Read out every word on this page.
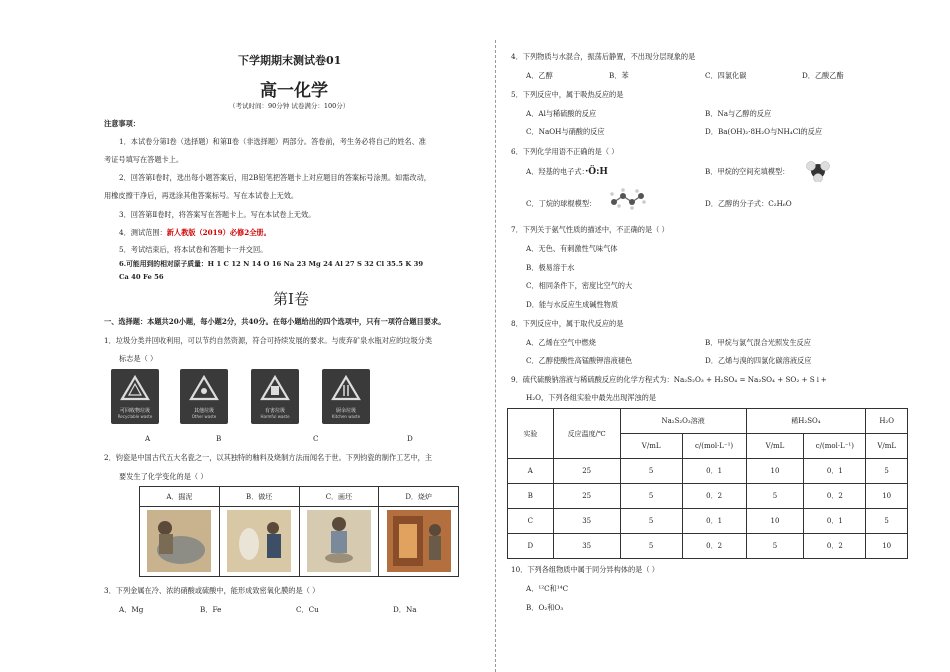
下学期期末测试卷01
高一化学
（考试时间：90分钟 试卷满分：100分）
注意事项：
1．本试卷分第Ⅰ卷（选择题）和第Ⅱ卷（非选择题）两部分。答卷前，考生务必将自己的姓名、准
考证号填写在答题卡上。
2．回答第Ⅰ卷时，选出每小题答案后，用2B铅笔把答题卡上对应题目的答案标号涂黑。如需改动，
用橡皮擦干净后，再选涂其他答案标号。写在本试卷上无效。
3．回答第Ⅱ卷时，将答案写在答题卡上。写在本试卷上无效。
4．测试范围：新人教版（2019）必修2全册。
5．考试结束后，将本试卷和答题卡一并交回。
6.可能用到的相对原子质量：H 1 C 12 N 14 O 16 Na 23 Mg 24 Al 27 S 32 Cl 35.5 K 39
Ca 40 Fe 56
第Ⅰ卷
一、选择题：本题共20小题，每小题2分，共40分。在每小题给出的四个选项中，只有一项符合题目要求。
1．垃圾分类并回收利用，可以节约自然资源，符合可持续发展的要求。与废弃矿泉水瓶对应的垃圾分类
标志是（ ）
可回收物垃圾
Recyclable waste
其他垃圾
Other waste
有害垃圾
Harmful waste
厨余垃圾
Kitchen waste
A	B	C	D
2．钧瓷是中国古代五大名瓷之一，以其独特的釉料及烧制方法而闻名于世。下列钧瓷的制作工艺中，主
要发生了化学变化的是（ ）
A．掘泥	B．做坯	C．画坯	D．烧炉

3．下列金属在冷、浓的硝酸或硫酸中，能形成致密氧化膜的是（ ）
A．Mg	B．Fe	C．Cu	D．Na
4．下列物质与水混合，振荡后静置，不出现分层现象的是
A．乙醇	B．苯	C．四氯化碳	D．乙酸乙酯
5．下列反应中，属于吸热反应的是
A．Al与稀硫酸的反应	B．Na与乙醇的反应
C．NaOH与硝酸的反应	D．Ba(OH)₂·8H₂O与NH₄Cl的反应
6．下列化学用语不正确的是（ ）
A．羟基的电子式：·Ö:H	B．甲烷的空间充填模型：
C．丁烷的球棍模型：	D．乙醇的分子式：C₂H₆O
7．下列关于氨气性质的描述中，不正确的是（ ）
A．无色、有刺激性气味气体
B．极易溶于水
C．相同条件下，密度比空气的大
D．能与水反应生成碱性物质
8．下列反应中，属于取代反应的是
A．乙烯在空气中燃烧	B．甲烷与氯气混合光照发生反应
C．乙醇使酸性高锰酸钾溶液褪色	D．乙烯与溴的四氯化碳溶液反应
9．硫代硫酸钠溶液与稀硫酸反应的化学方程式为：Na₂S₂O₃ + H₂SO₄ = Na₂SO₄ + SO₂ + S↓+
H₂O，下列各组实验中最先出现浑浊的是
实验	反应温度/℃	Na₂S₂O₃溶液		稀H₂SO₄		H₂O
		V/mL	c/(mol·L⁻¹)	V/mL	c/(mol·L⁻¹)	V/mL
A	25	5	0．1	10	0．1	5
B	25	5	0．2	5	0．2	10
C	35	5	0．1	10	0．1	5
D	35	5	0．2	5	0．2	10
10．下列各组物质中属于同分异构体的是（ ）
A．¹²C和¹⁴C
B．O₂和O₃
